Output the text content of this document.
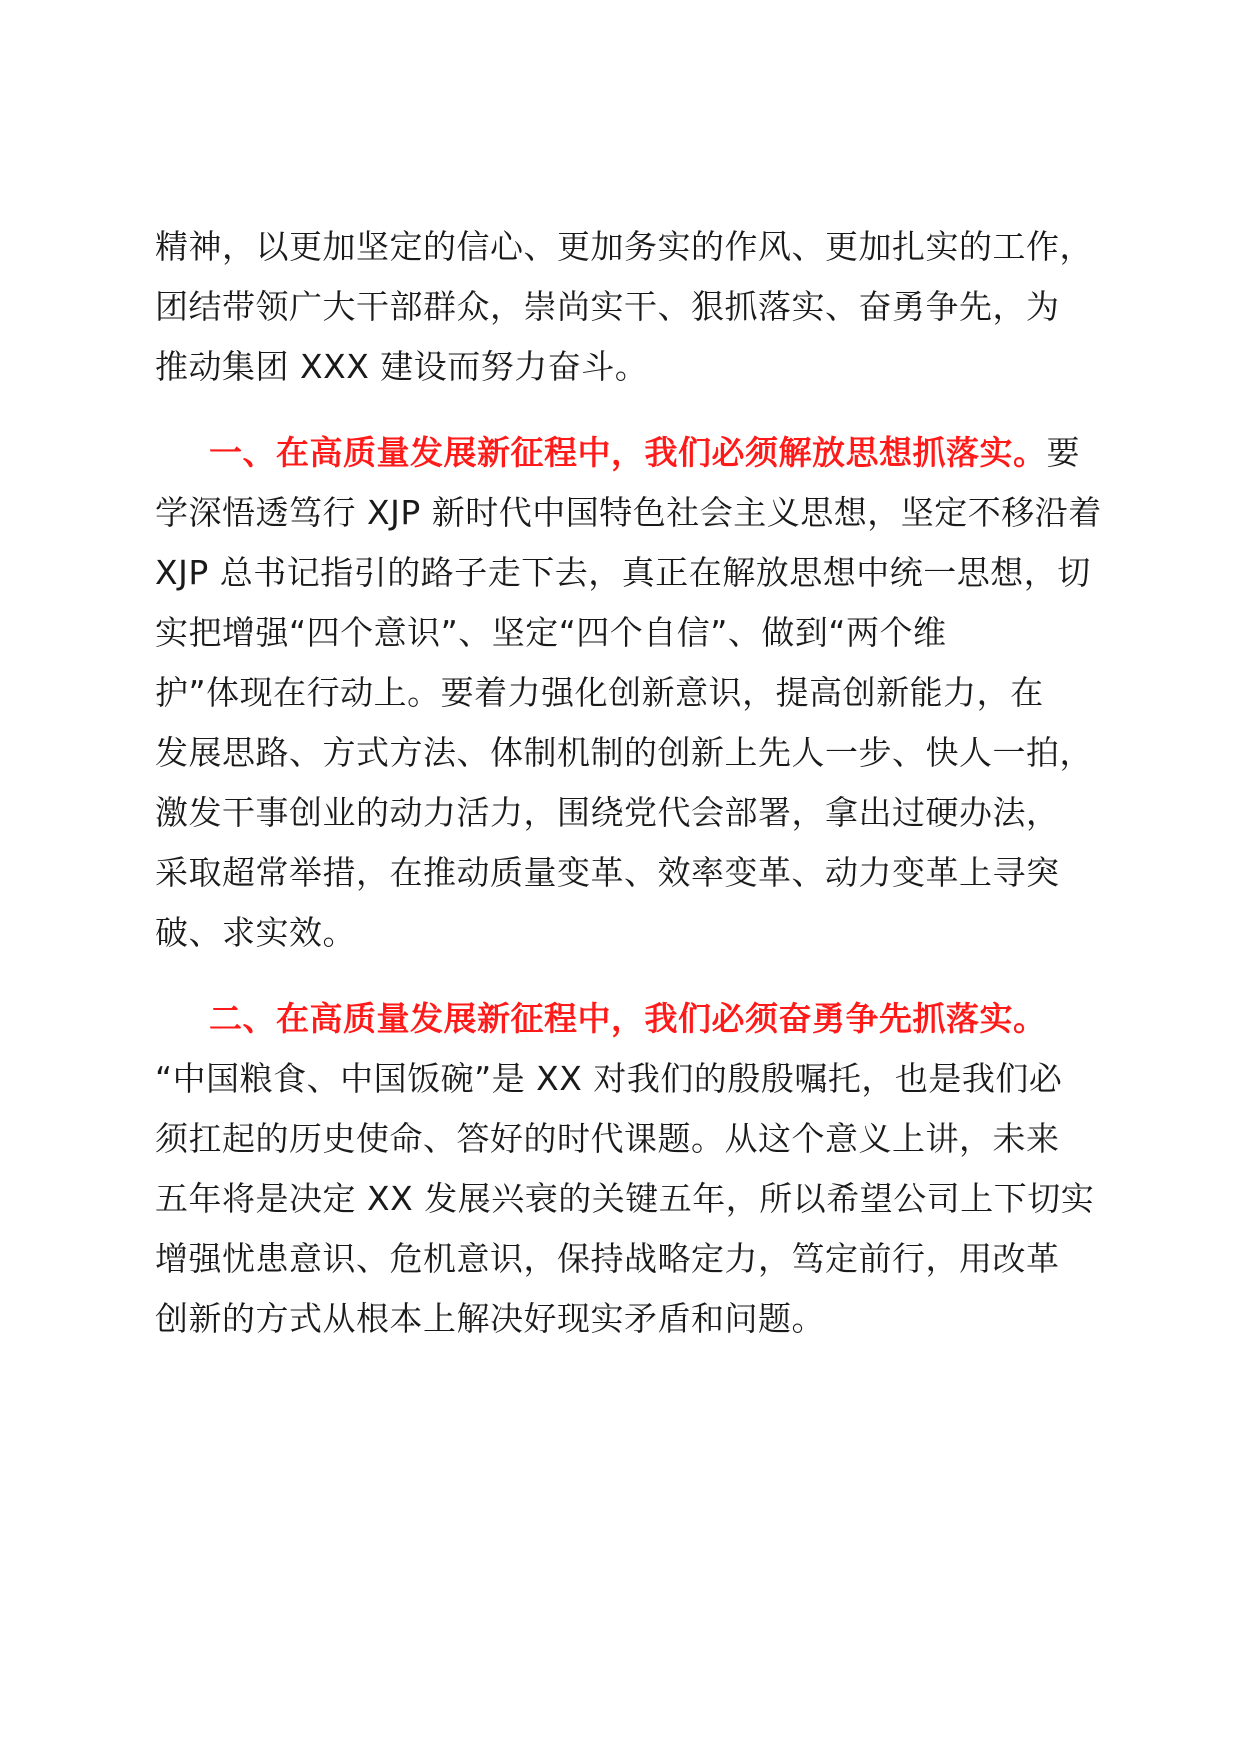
精神，以更加坚定的信心、更加务实的作风、更加扎实的工作，
团结带领广大干部群众，崇尚实干、狠抓落实、奋勇争先，为
推动集团 XXX 建设而努力奋斗。
一、在高质量发展新征程中，我们必须解放思想抓落实。要
学深悟透笃行 XJP 新时代中国特色社会主义思想，坚定不移沿着
XJP 总书记指引的路子走下去，真正在解放思想中统一思想，切
实把增强“四个意识”、坚定“四个自信”、做到“两个维
护”体现在行动上。要着力强化创新意识，提高创新能力，在
发展思路、方式方法、体制机制的创新上先人一步、快人一拍，
激发干事创业的动力活力，围绕党代会部署，拿出过硬办法，
采取超常举措，在推动质量变革、效率变革、动力变革上寻突
破、求实效。
二、在高质量发展新征程中，我们必须奋勇争先抓落实。
“中国粮食、中国饭碗”是 XX 对我们的殷殷嘱托，也是我们必
须扛起的历史使命、答好的时代课题。从这个意义上讲，未来
五年将是决定 XX 发展兴衰的关键五年，所以希望公司上下切实
增强忧患意识、危机意识，保持战略定力，笃定前行，用改革
创新的方式从根本上解决好现实矛盾和问题。
